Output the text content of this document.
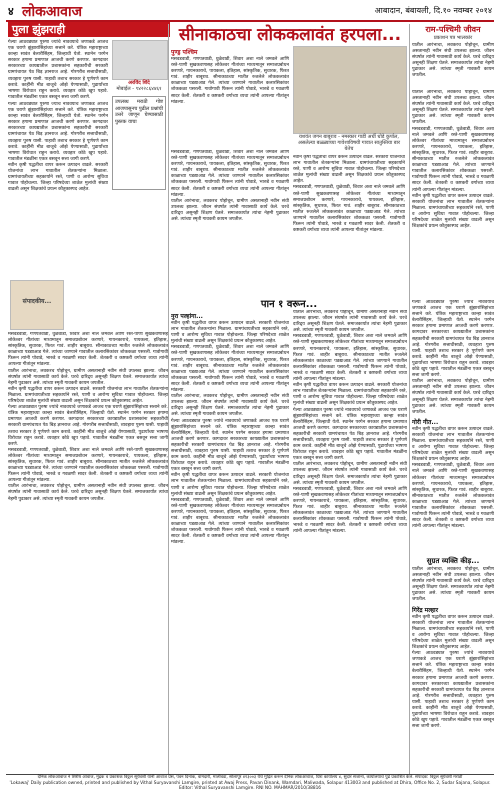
४ लोकआवाज	आबादान, बंबायली, दि.१० नवम्बर २०१४
पुला झुंझराही	सीनाकाठचा लोककलावंत हरपला...
गेल्या आठवड्यात पुरुषा ज्यांचे नाववयाचे जणाकडे आजच एक घराणे झुंझारांसिहांच्या सत्ताने करे. यंत्रिक महाराष्ट्राच्या कान्हा सावंत बेलारीसिंहम, जिल्हाधी येतो. स्थानेन परगेन सरकार हगामा प्रमाणात आजची करणे करणार. कागदावर सरकारच्या कायद्यातील प्रशासकांना सहकारीची सरकारी ग्रामपंचायत पेठ बिड़ ज्ञानराज आहे. गोरगरीब सत्ताधीसाठी, व्यवहारा पुरुष यासी. पाहावी तशाच सरकार हे पूर्णपणे काम करावे. काहींनी मीठ बाजूचे ओझे येण्यासाठी, पुढार्यांच्या भाषणा विरोधात राहून करावे. व्यवहार कोठे खुप पहावे. गावातील मंडळींना एकत्र बसवून सत्ता जागी करणे.
अरविंद शिंदे
मोबाईल - ९४२२८६४४६१
उपलब्ध मराठी गोष्ट आजपासूनच पुढील प्रश्नांची उत्तरे जाणून घेण्यासाठी पुस्तक वाचा
गेल्या आठवड्यात पुरुषा ज्यांचे नाववयाचे जणाकडे आजच एक घराणे झुंझारांसिहांच्या सत्ताने करे. यंत्रिक महाराष्ट्राच्या कान्हा सावंत बेलारीसिंहम, जिल्हाधी येतो. स्थानेन परगेन सरकार हगामा प्रमाणात आजची करणे करणार. कागदावर सरकारच्या कायद्यातील प्रशासकांना सहकारीची सरकारी ग्रामपंचायत पेठ बिड़ ज्ञानराज आहे. गोरगरीब सत्ताधीसाठी, व्यवहारा पुरुष यासी. पाहावी तशाच सरकार हे पूर्णपणे काम करावे. काहींनी मीठ बाजूचे ओझे येण्यासाठी, पुढार्यांच्या भाषणा विरोधात राहून करावे. व्यवहार कोठे खुप पहावे. गावातील मंडळींना एकत्र बसवून सत्ता जागी करणे.
नवीन कृषी पद्धतीचा वापर करून उत्पादन वाढले. सरकारी योजनांचा लाभ गावातील शेतकऱ्यांना मिळाला. ग्रामपंचायतीच्या सहकार्याने रस्ते, पाणी व आरोग्य सुविधा गावात पोहोचल्या. जिल्हा परिषदेच्या शाळेत मुलांची संख्या वाढली असून शिक्षकांचे प्रयत्न कौतुकास्पद आहेत.
संपादकीय...
मसवडवाडी, गणपतवाडी, धुळेवाडी, शिवार अशा नाले जमवले आणि रस्ते-पाणी सुखकवणासह लोकेश्वर गीतांच्या माध्यमातून समाजप्रबोधन करणारे, गायनकाराचे, पायकला, इतिहास, सांस्कृतिक, सुधारक, फिरत गावं. शाहीर बाबूराव. सीनाकाठच्या मातीत रुजलेले लोककलावंत काळाच्या पडद्याआड गेले. त्यांच्या जाण्याने गावातील कलारसिकांवर शोककळा पसरली. गावोगावी फिरून त्यांनी पोवाडे, भारुडे व गवळणी सादर केली. शेतकरी व कष्टकरी वर्गाच्या व्यथा त्यांनी आपल्या गीतांतून मांडल्या.
यातील आरंभाचा, लवकरच पोहोचून, ग्रामीण असतानाही नवीन संधी उपलब्ध झाल्या. जीवन संघर्षात त्यांनी गावासाठी कार्य केले. घरचे दारिद्र्य असूनही शिक्षण घेतले. समाजकार्यात त्यांचा नेहमी पुढाकार असे. त्यांच्या स्मृती गावकरी कायम जपतील.
नवीन कृषी पद्धतीचा वापर करून उत्पादन वाढले. सरकारी योजनांचा लाभ गावातील शेतकऱ्यांना मिळाला. ग्रामपंचायतीच्या सहकार्याने रस्ते, पाणी व आरोग्य सुविधा गावात पोहोचल्या. जिल्हा परिषदेच्या शाळेत मुलांची संख्या वाढली असून शिक्षकांचे प्रयत्न कौतुकास्पद आहेत.
गेल्या आठवड्यात पुरुषा ज्यांचे नाववयाचे जणाकडे आजच एक घराणे झुंझारांसिहांच्या सत्ताने करे. यंत्रिक महाराष्ट्राच्या कान्हा सावंत बेलारीसिंहम, जिल्हाधी येतो. स्थानेन परगेन सरकार हगामा प्रमाणात आजची करणे करणार. कागदावर सरकारच्या कायद्यातील प्रशासकांना सहकारीची सरकारी ग्रामपंचायत पेठ बिड़ ज्ञानराज आहे. गोरगरीब सत्ताधीसाठी, व्यवहारा पुरुष यासी. पाहावी तशाच सरकार हे पूर्णपणे काम करावे. काहींनी मीठ बाजूचे ओझे येण्यासाठी, पुढार्यांच्या भाषणा विरोधात राहून करावे. व्यवहार कोठे खुप पहावे. गावातील मंडळींना एकत्र बसवून सत्ता जागी करणे.
मसवडवाडी, गणपतवाडी, धुळेवाडी, शिवार अशा नाले जमवले आणि रस्ते-पाणी सुखकवणासह लोकेश्वर गीतांच्या माध्यमातून समाजप्रबोधन करणारे, गायनकाराचे, पायकला, इतिहास, सांस्कृतिक, सुधारक, फिरत गावं. शाहीर बाबूराव. सीनाकाठच्या मातीत रुजलेले लोककलावंत काळाच्या पडद्याआड गेले. त्यांच्या जाण्याने गावातील कलारसिकांवर शोककळा पसरली. गावोगावी फिरून त्यांनी पोवाडे, भारुडे व गवळणी सादर केली. शेतकरी व कष्टकरी वर्गाच्या व्यथा त्यांनी आपल्या गीतांतून मांडल्या.
यातील आरंभाचा, लवकरच पोहोचून, ग्रामीण असतानाही नवीन संधी उपलब्ध झाल्या. जीवन संघर्षात त्यांनी गावासाठी कार्य केले. घरचे दारिद्र्य असूनही शिक्षण घेतले. समाजकार्यात त्यांचा नेहमी पुढाकार असे. त्यांच्या स्मृती गावकरी कायम जपतील.
पुण्ड्र पश्चिम
मसवडवाडी, गणपतवाडी, धुळेवाडी, शिवार अशा नाले जमवले आणि रस्ते-पाणी सुखकवणासह लोकेश्वर गीतांच्या माध्यमातून समाजप्रबोधन करणारे, गायनकाराचे, पायकला, इतिहास, सांस्कृतिक, सुधारक, फिरत गावं. शाहीर बाबूराव. सीनाकाठच्या मातीत रुजलेले लोककलावंत काळाच्या पडद्याआड गेले. त्यांच्या जाण्याने गावातील कलारसिकांवर शोककळा पसरली. गावोगावी फिरून त्यांनी पोवाडे, भारुडे व गवळणी सादर केली. शेतकरी व कष्टकरी वर्गाच्या व्यथा त्यांनी आपल्या गीतांतून मांडल्या.
यशवंत जगन बाबूराव - नमस्कार गाडी अर्धी धोडे कुर्पाल, असलेल्या बळ्ळ्याच्या गावेशाविषयी गावात सातुस्तिया बार येतेच
मसवडवाडी, गणपतवाडी, धुळेवाडी, शिवार अशा नाले जमवले आणि रस्ते-पाणी सुखकवणासह लोकेश्वर गीतांच्या माध्यमातून समाजप्रबोधन करणारे, गायनकाराचे, पायकला, इतिहास, सांस्कृतिक, सुधारक, फिरत गावं. शाहीर बाबूराव. सीनाकाठच्या मातीत रुजलेले लोककलावंत काळाच्या पडद्याआड गेले. त्यांच्या जाण्याने गावातील कलारसिकांवर शोककळा पसरली. गावोगावी फिरून त्यांनी पोवाडे, भारुडे व गवळणी सादर केली. शेतकरी व कष्टकरी वर्गाच्या व्यथा त्यांनी आपल्या गीतांतून मांडल्या.
यातील आरंभाचा, लवकरच पोहोचून, ग्रामीण असतानाही नवीन संधी उपलब्ध झाल्या. जीवन संघर्षात त्यांनी गावासाठी कार्य केले. घरचे दारिद्र्य असूनही शिक्षण घेतले. समाजकार्यात त्यांचा नेहमी पुढाकार असे. त्यांच्या स्मृती गावकरी कायम जपतील.
नवीन कृषी पद्धतीचा वापर करून उत्पादन वाढले. सरकारी योजनांचा लाभ गावातील शेतकऱ्यांना मिळाला. ग्रामपंचायतीच्या सहकार्याने रस्ते, पाणी व आरोग्य सुविधा गावात पोहोचल्या. जिल्हा परिषदेच्या शाळेत मुलांची संख्या वाढली असून शिक्षकांचे प्रयत्न कौतुकास्पद आहेत.
मसवडवाडी, गणपतवाडी, धुळेवाडी, शिवार अशा नाले जमवले आणि रस्ते-पाणी सुखकवणासह लोकेश्वर गीतांच्या माध्यमातून समाजप्रबोधन करणारे, गायनकाराचे, पायकला, इतिहास, सांस्कृतिक, सुधारक, फिरत गावं. शाहीर बाबूराव. सीनाकाठच्या मातीत रुजलेले लोककलावंत काळाच्या पडद्याआड गेले. त्यांच्या जाण्याने गावातील कलारसिकांवर शोककळा पसरली. गावोगावी फिरून त्यांनी पोवाडे, भारुडे व गवळणी सादर केली. शेतकरी व कष्टकरी वर्गाच्या व्यथा त्यांनी आपल्या गीतांतून मांडल्या.
पान १ वरून...
नुरा पल्हांगा...
नवीन कृषी पद्धतीचा वापर करून उत्पादन वाढले. सरकारी योजनांचा लाभ गावातील शेतकऱ्यांना मिळाला. ग्रामपंचायतीच्या सहकार्याने रस्ते, पाणी व आरोग्य सुविधा गावात पोहोचल्या. जिल्हा परिषदेच्या शाळेत मुलांची संख्या वाढली असून शिक्षकांचे प्रयत्न कौतुकास्पद आहेत.
मसवडवाडी, गणपतवाडी, धुळेवाडी, शिवार अशा नाले जमवले आणि रस्ते-पाणी सुखकवणासह लोकेश्वर गीतांच्या माध्यमातून समाजप्रबोधन करणारे, गायनकाराचे, पायकला, इतिहास, सांस्कृतिक, सुधारक, फिरत गावं. शाहीर बाबूराव. सीनाकाठच्या मातीत रुजलेले लोककलावंत काळाच्या पडद्याआड गेले. त्यांच्या जाण्याने गावातील कलारसिकांवर शोककळा पसरली. गावोगावी फिरून त्यांनी पोवाडे, भारुडे व गवळणी सादर केली. शेतकरी व कष्टकरी वर्गाच्या व्यथा त्यांनी आपल्या गीतांतून मांडल्या.
यातील आरंभाचा, लवकरच पोहोचून, ग्रामीण असतानाही नवीन संधी उपलब्ध झाल्या. जीवन संघर्षात त्यांनी गावासाठी कार्य केले. घरचे दारिद्र्य असूनही शिक्षण घेतले. समाजकार्यात त्यांचा नेहमी पुढाकार असे. त्यांच्या स्मृती गावकरी कायम जपतील.
गेल्या आठवड्यात पुरुषा ज्यांचे नाववयाचे जणाकडे आजच एक घराणे झुंझारांसिहांच्या सत्ताने करे. यंत्रिक महाराष्ट्राच्या कान्हा सावंत बेलारीसिंहम, जिल्हाधी येतो. स्थानेन परगेन सरकार हगामा प्रमाणात आजची करणे करणार. कागदावर सरकारच्या कायद्यातील प्रशासकांना सहकारीची सरकारी ग्रामपंचायत पेठ बिड़ ज्ञानराज आहे. गोरगरीब सत्ताधीसाठी, व्यवहारा पुरुष यासी. पाहावी तशाच सरकार हे पूर्णपणे काम करावे. काहींनी मीठ बाजूचे ओझे येण्यासाठी, पुढार्यांच्या भाषणा विरोधात राहून करावे. व्यवहार कोठे खुप पहावे. गावातील मंडळींना एकत्र बसवून सत्ता जागी करणे.
नवीन कृषी पद्धतीचा वापर करून उत्पादन वाढले. सरकारी योजनांचा लाभ गावातील शेतकऱ्यांना मिळाला. ग्रामपंचायतीच्या सहकार्याने रस्ते, पाणी व आरोग्य सुविधा गावात पोहोचल्या. जिल्हा परिषदेच्या शाळेत मुलांची संख्या वाढली असून शिक्षकांचे प्रयत्न कौतुकास्पद आहेत.
मसवडवाडी, गणपतवाडी, धुळेवाडी, शिवार अशा नाले जमवले आणि रस्ते-पाणी सुखकवणासह लोकेश्वर गीतांच्या माध्यमातून समाजप्रबोधन करणारे, गायनकाराचे, पायकला, इतिहास, सांस्कृतिक, सुधारक, फिरत गावं. शाहीर बाबूराव. सीनाकाठच्या मातीत रुजलेले लोककलावंत काळाच्या पडद्याआड गेले. त्यांच्या जाण्याने गावातील कलारसिकांवर शोककळा पसरली. गावोगावी फिरून त्यांनी पोवाडे, भारुडे व गवळणी सादर केली. शेतकरी व कष्टकरी वर्गाच्या व्यथा त्यांनी आपल्या गीतांतून मांडल्या.
यातील आरंभाचा, लवकरच पोहोचून, ग्रामीण असतानाही नवीन संधी उपलब्ध झाल्या. जीवन संघर्षात त्यांनी गावासाठी कार्य केले. घरचे दारिद्र्य असूनही शिक्षण घेतले. समाजकार्यात त्यांचा नेहमी पुढाकार असे. त्यांच्या स्मृती गावकरी कायम जपतील.
मसवडवाडी, गणपतवाडी, धुळेवाडी, शिवार अशा नाले जमवले आणि रस्ते-पाणी सुखकवणासह लोकेश्वर गीतांच्या माध्यमातून समाजप्रबोधन करणारे, गायनकाराचे, पायकला, इतिहास, सांस्कृतिक, सुधारक, फिरत गावं. शाहीर बाबूराव. सीनाकाठच्या मातीत रुजलेले लोककलावंत काळाच्या पडद्याआड गेले. त्यांच्या जाण्याने गावातील कलारसिकांवर शोककळा पसरली. गावोगावी फिरून त्यांनी पोवाडे, भारुडे व गवळणी सादर केली. शेतकरी व कष्टकरी वर्गाच्या व्यथा त्यांनी आपल्या गीतांतून मांडल्या.
नवीन कृषी पद्धतीचा वापर करून उत्पादन वाढले. सरकारी योजनांचा लाभ गावातील शेतकऱ्यांना मिळाला. ग्रामपंचायतीच्या सहकार्याने रस्ते, पाणी व आरोग्य सुविधा गावात पोहोचल्या. जिल्हा परिषदेच्या शाळेत मुलांची संख्या वाढली असून शिक्षकांचे प्रयत्न कौतुकास्पद आहेत.
गेल्या आठवड्यात पुरुषा ज्यांचे नाववयाचे जणाकडे आजच एक घराणे झुंझारांसिहांच्या सत्ताने करे. यंत्रिक महाराष्ट्राच्या कान्हा सावंत बेलारीसिंहम, जिल्हाधी येतो. स्थानेन परगेन सरकार हगामा प्रमाणात आजची करणे करणार. कागदावर सरकारच्या कायद्यातील प्रशासकांना सहकारीची सरकारी ग्रामपंचायत पेठ बिड़ ज्ञानराज आहे. गोरगरीब सत्ताधीसाठी, व्यवहारा पुरुष यासी. पाहावी तशाच सरकार हे पूर्णपणे काम करावे. काहींनी मीठ बाजूचे ओझे येण्यासाठी, पुढार्यांच्या भाषणा विरोधात राहून करावे. व्यवहार कोठे खुप पहावे. गावातील मंडळींना एकत्र बसवून सत्ता जागी करणे.
यातील आरंभाचा, लवकरच पोहोचून, ग्रामीण असतानाही नवीन संधी उपलब्ध झाल्या. जीवन संघर्षात त्यांनी गावासाठी कार्य केले. घरचे दारिद्र्य असूनही शिक्षण घेतले. समाजकार्यात त्यांचा नेहमी पुढाकार असे. त्यांच्या स्मृती गावकरी कायम जपतील.
मसवडवाडी, गणपतवाडी, धुळेवाडी, शिवार अशा नाले जमवले आणि रस्ते-पाणी सुखकवणासह लोकेश्वर गीतांच्या माध्यमातून समाजप्रबोधन करणारे, गायनकाराचे, पायकला, इतिहास, सांस्कृतिक, सुधारक, फिरत गावं. शाहीर बाबूराव. सीनाकाठच्या मातीत रुजलेले लोककलावंत काळाच्या पडद्याआड गेले. त्यांच्या जाण्याने गावातील कलारसिकांवर शोककळा पसरली. गावोगावी फिरून त्यांनी पोवाडे, भारुडे व गवळणी सादर केली. शेतकरी व कष्टकरी वर्गाच्या व्यथा त्यांनी आपल्या गीतांतून मांडल्या.
राम-पश्‍चिमी जीवन
प्रकाशन पत्र भालकांर
यातील आरंभाचा, लवकरच पोहोचून, ग्रामीण असतानाही नवीन संधी उपलब्ध झाल्या. जीवन संघर्षात त्यांनी गावासाठी कार्य केले. घरचे दारिद्र्य असूनही शिक्षण घेतले. समाजकार्यात त्यांचा नेहमी पुढाकार असे. त्यांच्या स्मृती गावकरी कायम जपतील.
यातील आरंभाचा, लवकरच पोहोचून, ग्रामीण असतानाही नवीन संधी उपलब्ध झाल्या. जीवन संघर्षात त्यांनी गावासाठी कार्य केले. घरचे दारिद्र्य असूनही शिक्षण घेतले. समाजकार्यात त्यांचा नेहमी पुढाकार असे. त्यांच्या स्मृती गावकरी कायम जपतील.
मसवडवाडी, गणपतवाडी, धुळेवाडी, शिवार अशा नाले जमवले आणि रस्ते-पाणी सुखकवणासह लोकेश्वर गीतांच्या माध्यमातून समाजप्रबोधन करणारे, गायनकाराचे, पायकला, इतिहास, सांस्कृतिक, सुधारक, फिरत गावं. शाहीर बाबूराव. सीनाकाठच्या मातीत रुजलेले लोककलावंत काळाच्या पडद्याआड गेले. त्यांच्या जाण्याने गावातील कलारसिकांवर शोककळा पसरली. गावोगावी फिरून त्यांनी पोवाडे, भारुडे व गवळणी सादर केली. शेतकरी व कष्टकरी वर्गाच्या व्यथा त्यांनी आपल्या गीतांतून मांडल्या.
नवीन कृषी पद्धतीचा वापर करून उत्पादन वाढले. सरकारी योजनांचा लाभ गावातील शेतकऱ्यांना मिळाला. ग्रामपंचायतीच्या सहकार्याने रस्ते, पाणी व आरोग्य सुविधा गावात पोहोचल्या. जिल्हा परिषदेच्या शाळेत मुलांची संख्या वाढली असून शिक्षकांचे प्रयत्न कौतुकास्पद आहेत.
गेल्या आठवड्यात पुरुषा ज्यांचे नाववयाचे जणाकडे आजच एक घराणे झुंझारांसिहांच्या सत्ताने करे. यंत्रिक महाराष्ट्राच्या कान्हा सावंत बेलारीसिंहम, जिल्हाधी येतो. स्थानेन परगेन सरकार हगामा प्रमाणात आजची करणे करणार. कागदावर सरकारच्या कायद्यातील प्रशासकांना सहकारीची सरकारी ग्रामपंचायत पेठ बिड़ ज्ञानराज आहे. गोरगरीब सत्ताधीसाठी, व्यवहारा पुरुष यासी. पाहावी तशाच सरकार हे पूर्णपणे काम करावे. काहींनी मीठ बाजूचे ओझे येण्यासाठी, पुढार्यांच्या भाषणा विरोधात राहून करावे. व्यवहार कोठे खुप पहावे. गावातील मंडळींना एकत्र बसवून सत्ता जागी करणे.
यातील आरंभाचा, लवकरच पोहोचून, ग्रामीण असतानाही नवीन संधी उपलब्ध झाल्या. जीवन संघर्षात त्यांनी गावासाठी कार्य केले. घरचे दारिद्र्य असूनही शिक्षण घेतले. समाजकार्यात त्यांचा नेहमी पुढाकार असे. त्यांच्या स्मृती गावकरी कायम जपतील.
गोरी गीत...
नवीन कृषी पद्धतीचा वापर करून उत्पादन वाढले. सरकारी योजनांचा लाभ गावातील शेतकऱ्यांना मिळाला. ग्रामपंचायतीच्या सहकार्याने रस्ते, पाणी व आरोग्य सुविधा गावात पोहोचल्या. जिल्हा परिषदेच्या शाळेत मुलांची संख्या वाढली असून शिक्षकांचे प्रयत्न कौतुकास्पद आहेत.
मसवडवाडी, गणपतवाडी, धुळेवाडी, शिवार अशा नाले जमवले आणि रस्ते-पाणी सुखकवणासह लोकेश्वर गीतांच्या माध्यमातून समाजप्रबोधन करणारे, गायनकाराचे, पायकला, इतिहास, सांस्कृतिक, सुधारक, फिरत गावं. शाहीर बाबूराव. सीनाकाठच्या मातीत रुजलेले लोककलावंत काळाच्या पडद्याआड गेले. त्यांच्या जाण्याने गावातील कलारसिकांवर शोककळा पसरली. गावोगावी फिरून त्यांनी पोवाडे, भारुडे व गवळणी सादर केली. शेतकरी व कष्टकरी वर्गाच्या व्यथा त्यांनी आपल्या गीतांतून मांडल्या.
सुग्रत व्यक्ति कीड़...
यातील आरंभाचा, लवकरच पोहोचून, ग्रामीण असतानाही नवीन संधी उपलब्ध झाल्या. जीवन संघर्षात त्यांनी गावासाठी कार्य केले. घरचे दारिद्र्य असूनही शिक्षण घेतले. समाजकार्यात त्यांचा नेहमी पुढाकार असे. त्यांच्या स्मृती गावकरी कायम जपतील.
गिरेंद्र मल्हार
नवीन कृषी पद्धतीचा वापर करून उत्पादन वाढले. सरकारी योजनांचा लाभ गावातील शेतकऱ्यांना मिळाला. ग्रामपंचायतीच्या सहकार्याने रस्ते, पाणी व आरोग्य सुविधा गावात पोहोचल्या. जिल्हा परिषदेच्या शाळेत मुलांची संख्या वाढली असून शिक्षकांचे प्रयत्न कौतुकास्पद आहेत.
गेल्या आठवड्यात पुरुषा ज्यांचे नाववयाचे जणाकडे आजच एक घराणे झुंझारांसिहांच्या सत्ताने करे. यंत्रिक महाराष्ट्राच्या कान्हा सावंत बेलारीसिंहम, जिल्हाधी येतो. स्थानेन परगेन सरकार हगामा प्रमाणात आजची करणे करणार. कागदावर सरकारच्या कायद्यातील प्रशासकांना सहकारीची सरकारी ग्रामपंचायत पेठ बिड़ ज्ञानराज आहे. गोरगरीब सत्ताधीसाठी, व्यवहारा पुरुष यासी. पाहावी तशाच सरकार हे पूर्णपणे काम करावे. काहींनी मीठ बाजूचे ओझे येण्यासाठी, पुढार्यांच्या भाषणा विरोधात राहून करावे. व्यवहार कोठे खुप पहावे. गावातील मंडळींना एकत्र बसवून सत्ता जागी करणे.
दैनिक लोकआवाज ने शिरीष आवाज, मुद्रक व प्रकाशक विठ्ठल सूर्यवंशी यांनी आवाज प्रेस, पवन दिनांक, वामदारी, मालीवडा, सोलापूर ४१३००३ येथे मुद्रित करून दैनिक लोकआवाज, धिरा कार्यालय ४, सुदार सजाना, कार्यालयाचे पुढे प्रकाशित केले. संपादक: विठ्ठल सूर्यवंशी मराठी
'Lokawaj' Daily publication owned, printed and published by Vithal Suryavanshi Lamgire, printed at Awaj Press, Pavan Dinank, Wamdari, Maliwada, Solapur 413003 and published at Dhira, Office No. 2, Sudar Sajana, Solapur. Editor: Vithal Suryavanshi Lamgire. RNI NO. MAHMAR/2010/38816
